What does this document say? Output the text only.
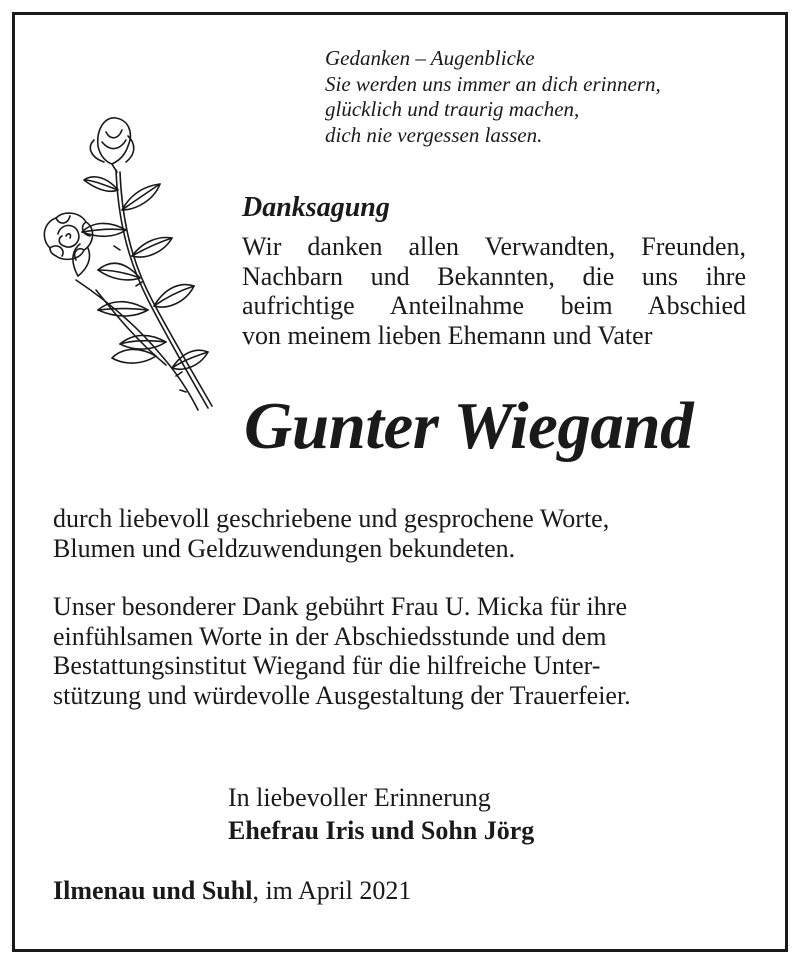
Gedanken – Augenblicke
Sie werden uns immer an dich erinnern,
glücklich und traurig machen,
dich nie vergessen lassen.
Danksagung
Wir danken allen Verwandten, Freunden,
Nachbarn und Bekannten, die uns ihre
aufrichtige Anteilnahme beim Abschied
von meinem lieben Ehemann und Vater
Gunter Wiegand
durch liebevoll geschriebene und gesprochene Worte,
Blumen und Geldzuwendungen bekundeten.
Unser besonderer Dank gebührt Frau U. Micka für ihre
einfühlsamen Worte in der Abschiedsstunde und dem
Bestattungsinstitut Wiegand für die hilfreiche Unter-
stützung und würdevolle Ausgestaltung der Trauerfeier.
In liebevoller Erinnerung
Ehefrau Iris und Sohn Jörg
Ilmenau und Suhl, im April 2021
